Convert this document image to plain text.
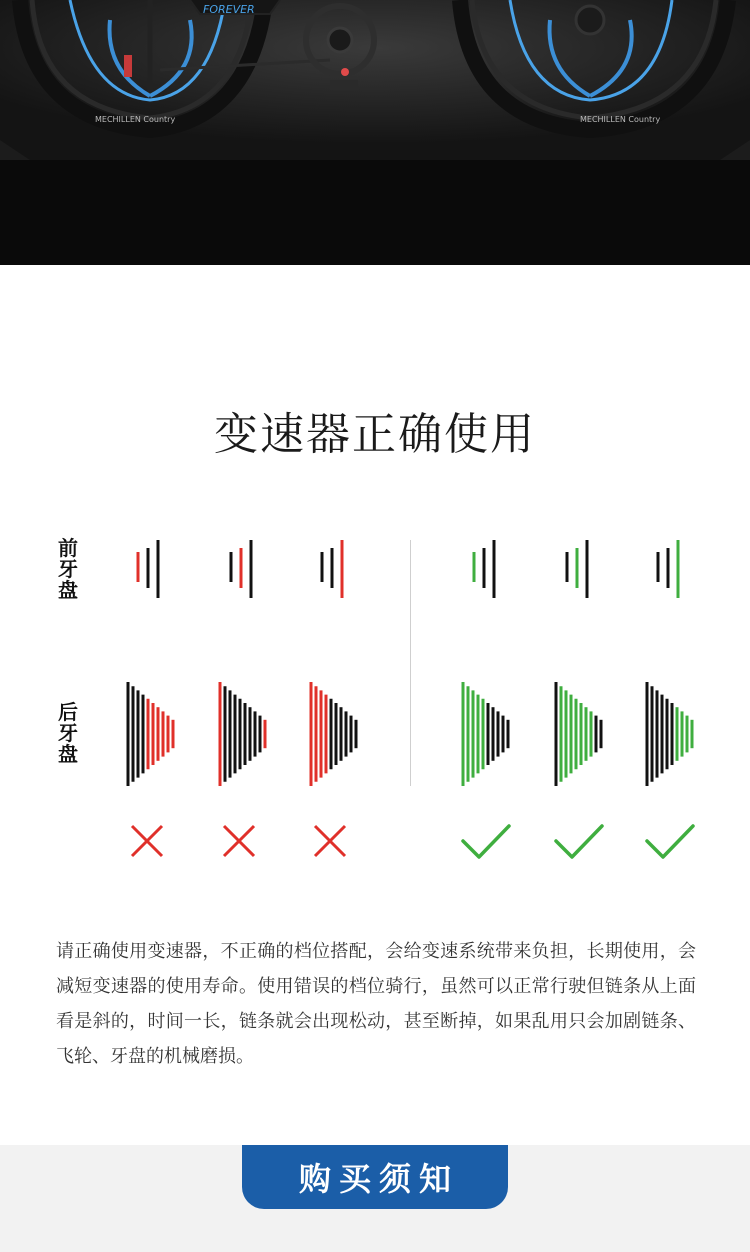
MECHILLEN Country
FOREVER
MECHILLEN Country
变速器正确使用
前
牙
盘
后
牙
盘

请正确使用变速器，不正确的档位搭配，会给变速系统带来负担，长期使用，会减短变速器的使用寿命。使用错误的档位骑行，虽然可以正常行驶但链条从上面看是斜的，时间一长，链条就会出现松动，甚至断掉，如果乱用只会加剧链条、飞轮、牙盘的机械磨损。

购买须知
